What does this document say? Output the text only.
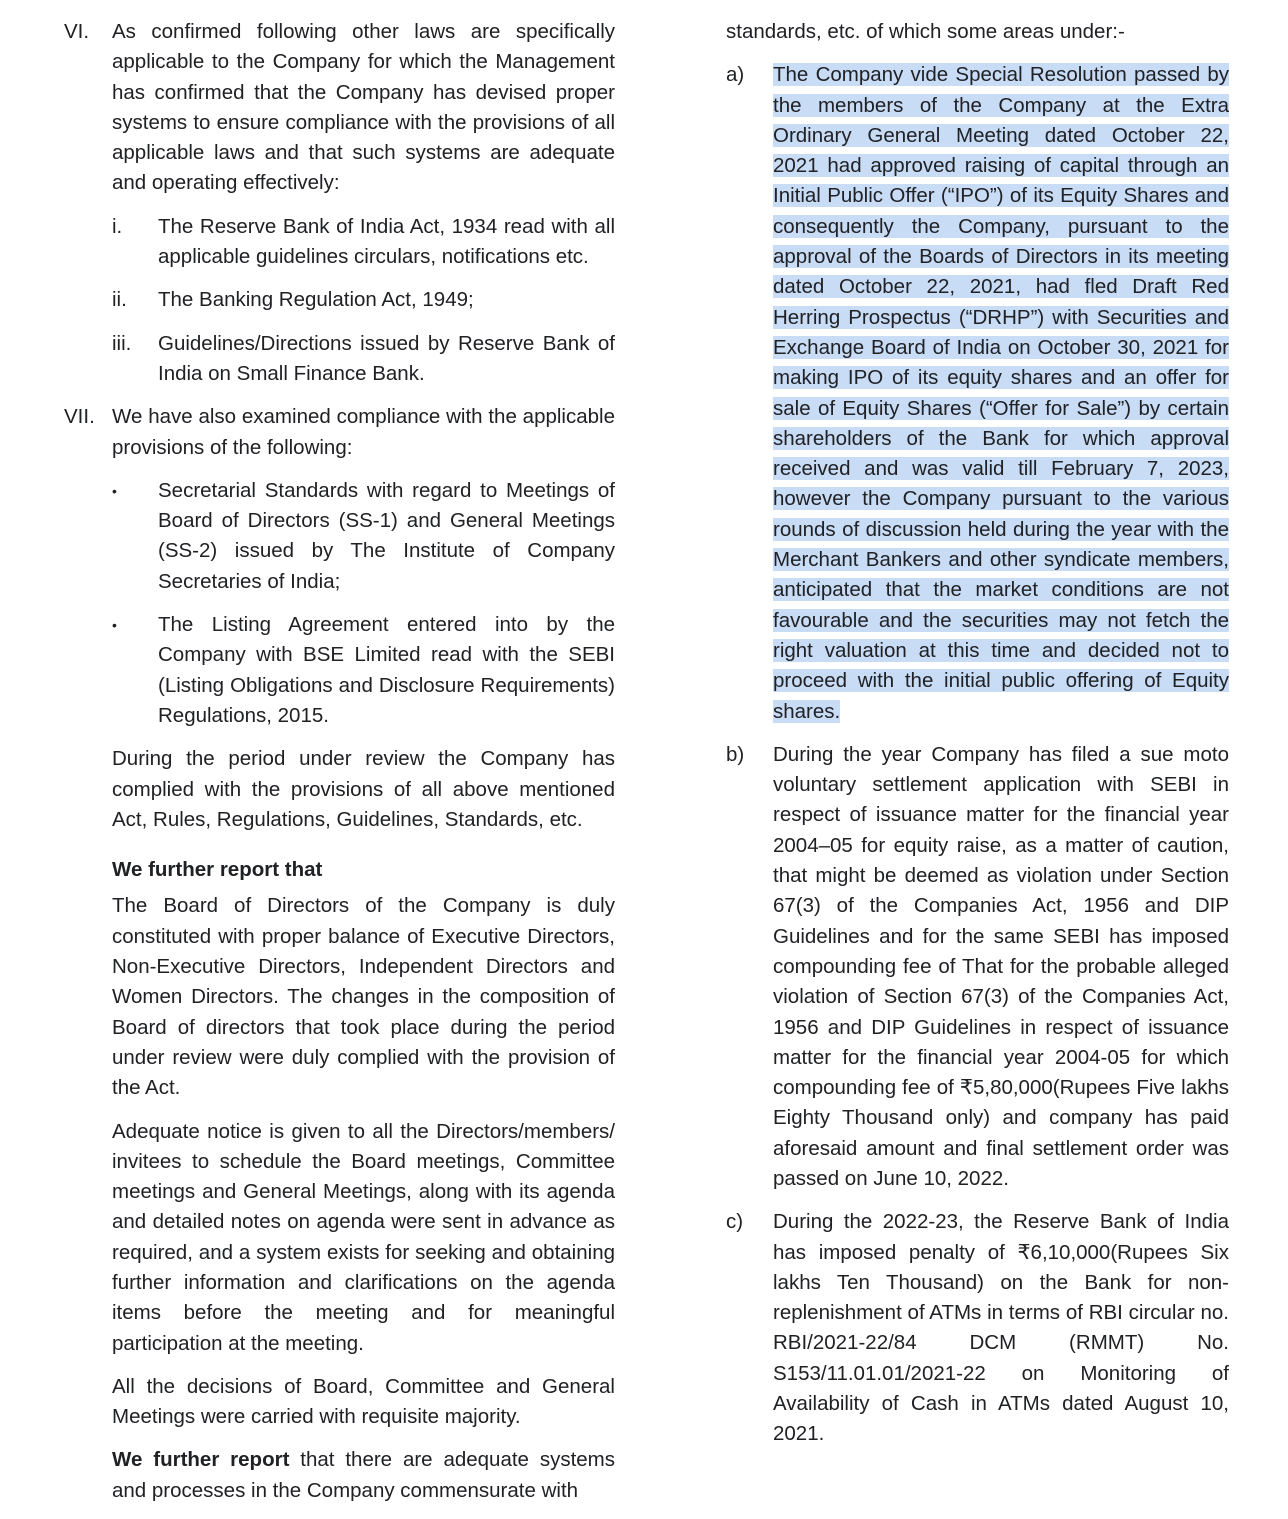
VI.	As confirmed following other laws are specifically applicable to the Company for which the Management has confirmed that the Company has devised proper systems to ensure compliance with the provisions of all applicable laws and that such systems are adequate and operating effectively:
i.	The Reserve Bank of India Act, 1934 read with all applicable guidelines circulars, notifications etc.
ii.	The Banking Regulation Act, 1949;
iii.	Guidelines/Directions issued by Reserve Bank of India on Small Finance Bank.
VII. We have also examined compliance with the applicable provisions of the following:
•	Secretarial Standards with regard to Meetings of Board of Directors (SS-1) and General Meetings (SS-2) issued by The Institute of Company Secretaries of India;
•	The Listing Agreement entered into by the Company with BSE Limited read with the SEBI (Listing Obligations and Disclosure Requirements) Regulations, 2015.
During the period under review the Company has complied with the provisions of all above mentioned Act, Rules, Regulations, Guidelines, Standards, etc.
We further report that
The Board of Directors of the Company is duly constituted with proper balance of Executive Directors, Non-Executive Directors, Independent Directors and Women Directors. The changes in the composition of Board of directors that took place during the period under review were duly complied with the provision of the Act.
Adequate notice is given to all the Directors/members/ invitees to schedule the Board meetings, Committee meetings and General Meetings, along with its agenda and detailed notes on agenda were sent in advance as required, and a system exists for seeking and obtaining further information and clarifications on the agenda items before the meeting and for meaningful participation at the meeting.
All the decisions of Board, Committee and General Meetings were carried with requisite majority.
We further report that there are adequate systems and processes in the Company commensurate with
standards, etc. of which some areas under:-
a)	The Company vide Special Resolution passed by the members of the Company at the Extra Ordinary General Meeting dated October 22, 2021 had approved raising of capital through an Initial Public Offer (“IPO”) of its Equity Shares and consequently the Company, pursuant to the approval of the Boards of Directors in its meeting dated October 22, 2021, had fled Draft Red Herring Prospectus (“DRHP”) with Securities and Exchange Board of India on October 30, 2021 for making IPO of its equity shares and an offer for sale of Equity Shares (“Offer for Sale”) by certain shareholders of the Bank for which approval received and was valid till February 7, 2023, however the Company pursuant to the various rounds of discussion held during the year with the Merchant Bankers and other syndicate members, anticipated that the market conditions are not favourable and the securities may not fetch the right valuation at this time and decided not to proceed with the initial public offering of Equity shares.
b)	During the year Company has filed a sue moto voluntary settlement application with SEBI in respect of issuance matter for the financial year 2004–05 for equity raise, as a matter of caution, that might be deemed as violation under Section 67(3) of the Companies Act, 1956 and DIP Guidelines and for the same SEBI has imposed compounding fee of That for the probable alleged violation of Section 67(3) of the Companies Act, 1956 and DIP Guidelines in respect of issuance matter for the financial year 2004-05 for which compounding fee of ₹5,80,000(Rupees Five lakhs Eighty Thousand only) and company has paid aforesaid amount and final settlement order was passed on June 10, 2022.
c)	During the 2022-23, the Reserve Bank of India has imposed penalty of ₹6,10,000(Rupees Six lakhs Ten Thousand) on the Bank for non-replenishment of ATMs in terms of RBI circular no. RBI/2021-22/84 DCM (RMMT) No. S153/11.01.01/2021-22 on Monitoring of Availability of Cash in ATMs dated August 10, 2021.
